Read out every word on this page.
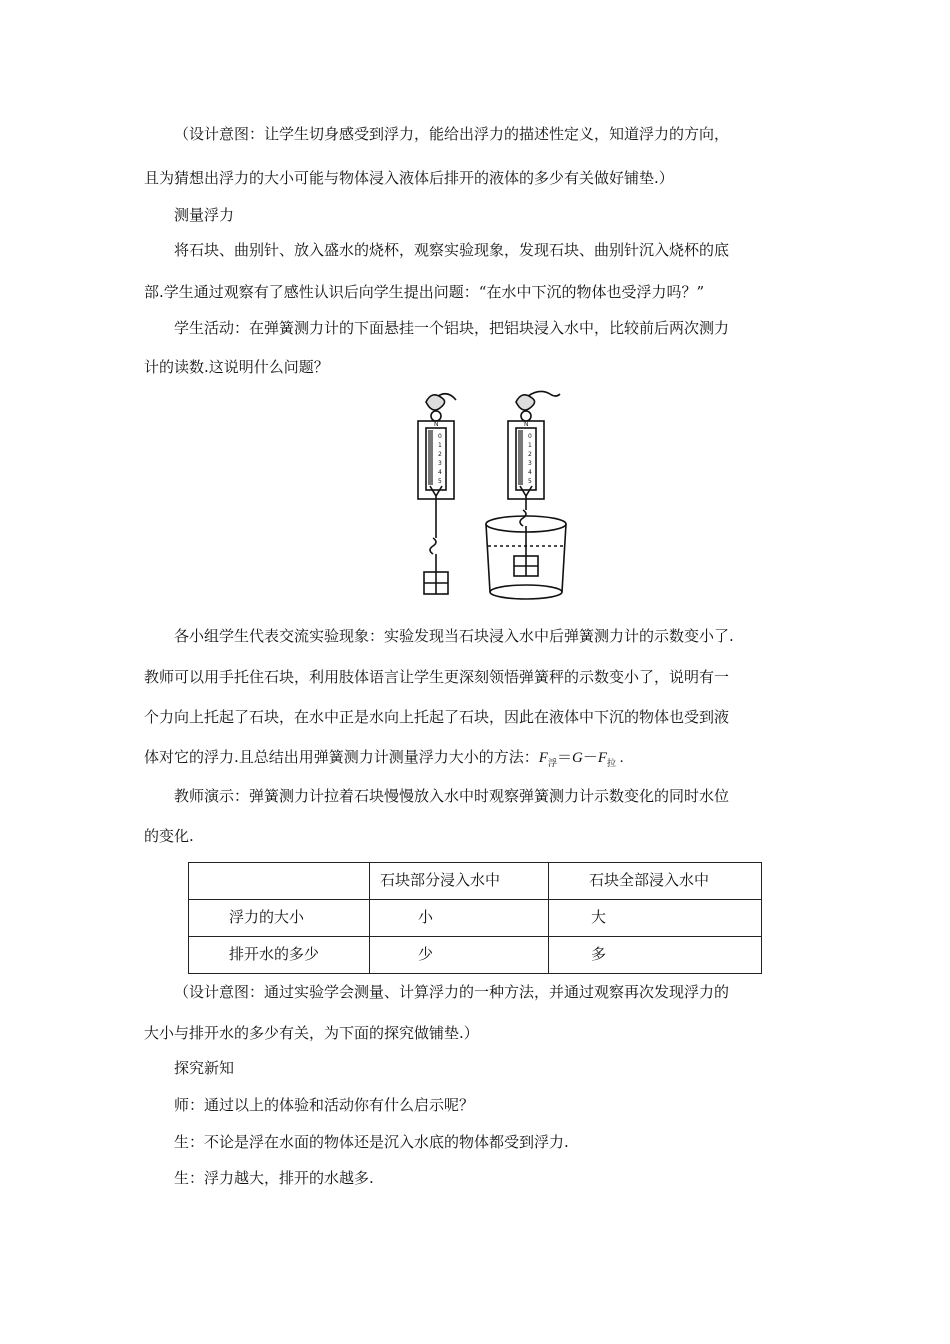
（设计意图：让学生切身感受到浮力，能给出浮力的描述性定义，知道浮力的方向，
且为猜想出浮力的大小可能与物体浸入液体后排开的液体的多少有关做好铺垫.）
测量浮力
将石块、曲别针、放入盛水的烧杯，观察实验现象，发现石块、曲别针沉入烧杯的底
部.学生通过观察有了感性认识后向学生提出问题：“在水中下沉的物体也受浮力吗？”
学生活动：在弹簧测力计的下面悬挂一个铝块，把铝块浸入水中，比较前后两次测力
计的读数.这说明什么问题？
N
0
1
2
3
4
5
N
0
1
2
3
4
5
各小组学生代表交流实验现象：实验发现当石块浸入水中后弹簧测力计的示数变小了.
教师可以用手托住石块，利用肢体语言让学生更深刻领悟弹簧秤的示数变小了，说明有一
个力向上托起了石块，在水中正是水向上托起了石块，因此在液体中下沉的物体也受到液
体对它的浮力.且总结出用弹簧测力计测量浮力大小的方法：$F_浮=G-F_拉$ .
教师演示：弹簧测力计拉着石块慢慢放入水中时观察弹簧测力计示数变化的同时水位
的变化.
	石块部分浸入水中	石块全部浸入水中
浮力的大小	小	大
排开水的多少	少	多
（设计意图：通过实验学会测量、计算浮力的一种方法，并通过观察再次发现浮力的
大小与排开水的多少有关，为下面的探究做铺垫.）
探究新知
师：通过以上的体验和活动你有什么启示呢？
生：不论是浮在水面的物体还是沉入水底的物体都受到浮力.
生：浮力越大，排开的水越多.
